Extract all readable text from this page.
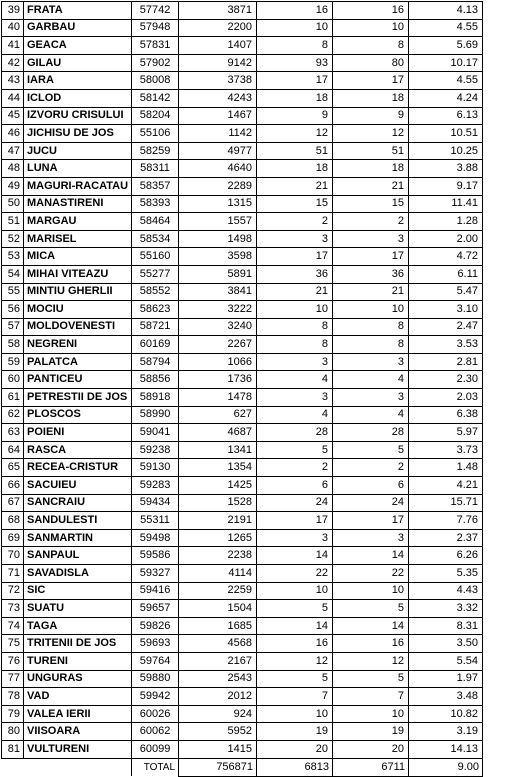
39	FRATA	57742	3871	16	16	4.13
40	GARBAU	57948	2200	10	10	4.55
41	GEACA	57831	1407	8	8	5.69
42	GILAU	57902	9142	93	80	10.17
43	IARA	58008	3738	17	17	4.55
44	ICLOD	58142	4243	18	18	4.24
45	IZVORU CRISULUI	58204	1467	9	9	6.13
46	JICHISU DE JOS	55106	1142	12	12	10.51
47	JUCU	58259	4977	51	51	10.25
48	LUNA	58311	4640	18	18	3.88
49	MAGURI-RACATAU	58357	2289	21	21	9.17
50	MANASTIRENI	58393	1315	15	15	11.41
51	MARGAU	58464	1557	2	2	1.28
52	MARISEL	58534	1498	3	3	2.00
53	MICA	55160	3598	17	17	4.72
54	MIHAI VITEAZU	55277	5891	36	36	6.11
55	MINTIU GHERLII	58552	3841	21	21	5.47
56	MOCIU	58623	3222	10	10	3.10
57	MOLDOVENESTI	58721	3240	8	8	2.47
58	NEGRENI	60169	2267	8	8	3.53
59	PALATCA	58794	1066	3	3	2.81
60	PANTICEU	58856	1736	4	4	2.30
61	PETRESTII DE JOS	58918	1478	3	3	2.03
62	PLOSCOS	58990	627	4	4	6.38
63	POIENI	59041	4687	28	28	5.97
64	RASCA	59238	1341	5	5	3.73
65	RECEA-CRISTUR	59130	1354	2	2	1.48
66	SACUIEU	59283	1425	6	6	4.21
67	SANCRAIU	59434	1528	24	24	15.71
68	SANDULESTI	55311	2191	17	17	7.76
69	SANMARTIN	59498	1265	3	3	2.37
70	SANPAUL	59586	2238	14	14	6.26
71	SAVADISLA	59327	4114	22	22	5.35
72	SIC	59416	2259	10	10	4.43
73	SUATU	59657	1504	5	5	3.32
74	TAGA	59826	1685	14	14	8.31
75	TRITENII DE JOS	59693	4568	16	16	3.50
76	TURENI	59764	2167	12	12	5.54
77	UNGURAS	59880	2543	5	5	1.97
78	VAD	59942	2012	7	7	3.48
79	VALEA IERII	60026	924	10	10	10.82
80	VIISOARA	60062	5952	19	19	3.19
81	VULTURENI	60099	1415	20	20	14.13
		TOTAL	756871	6813	6711	9.00
